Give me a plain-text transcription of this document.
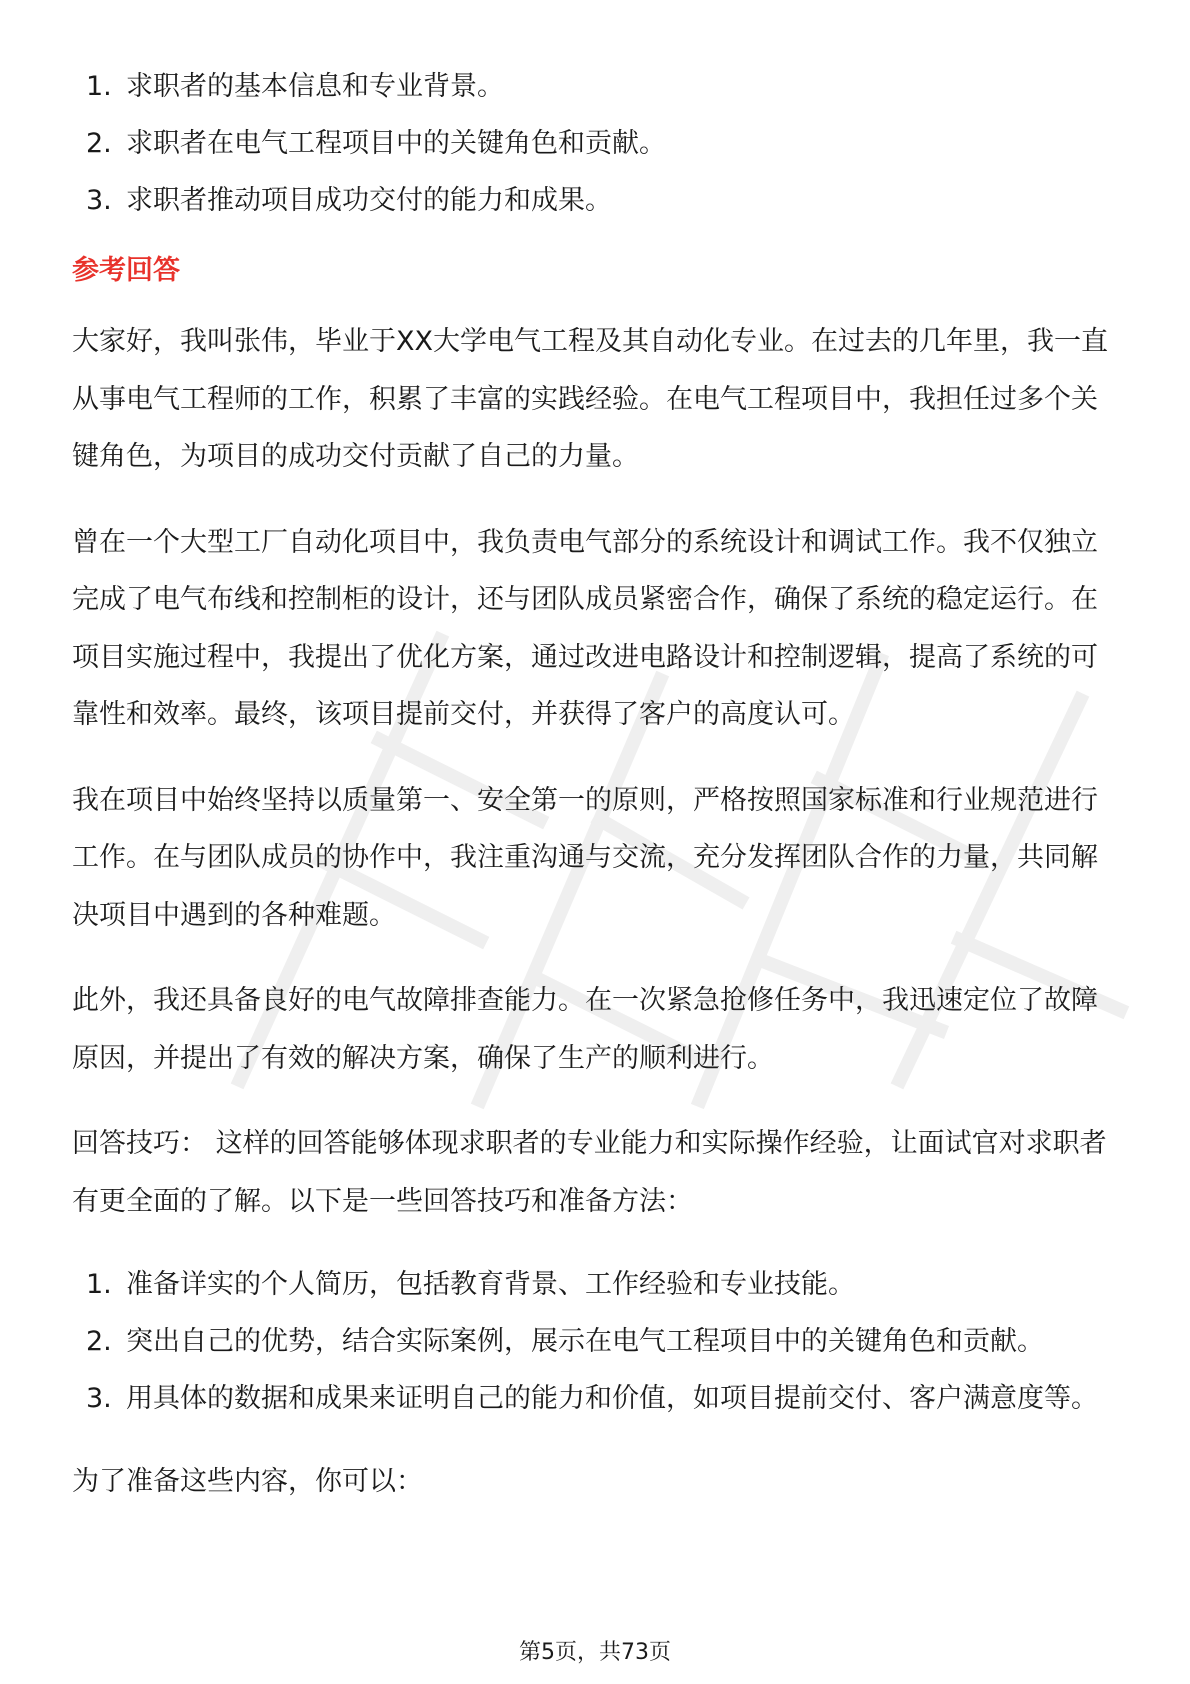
1. 求职者的基本信息和专业背景。
2. 求职者在电气工程项目中的关键角色和贡献。
3. 求职者推动项目成功交付的能力和成果。
参考回答

大家好，我叫张伟，毕业于XX大学电气工程及其自动化专业。在过去的几年里，我一直从事电气工程师的工作，积累了丰富的实践经验。在电气工程项目中，我担任过多个关键角色，为项目的成功交付贡献了自己的力量。

曾在一个大型工厂自动化项目中，我负责电气部分的系统设计和调试工作。我不仅独立完成了电气布线和控制柜的设计，还与团队成员紧密合作，确保了系统的稳定运行。在项目实施过程中，我提出了优化方案，通过改进电路设计和控制逻辑，提高了系统的可靠性和效率。最终，该项目提前交付，并获得了客户的高度认可。

我在项目中始终坚持以质量第一、安全第一的原则，严格按照国家标准和行业规范进行工作。在与团队成员的协作中，我注重沟通与交流，充分发挥团队合作的力量，共同解决项目中遇到的各种难题。

此外，我还具备良好的电气故障排查能力。在一次紧急抢修任务中，我迅速定位了故障原因，并提出了有效的解决方案，确保了生产的顺利进行。

回答技巧： 这样的回答能够体现求职者的专业能力和实际操作经验，让面试官对求职者有更全面的了解。以下是一些回答技巧和准备方法：

1. 准备详实的个人简历，包括教育背景、工作经验和专业技能。
2. 突出自己的优势，结合实际案例，展示在电气工程项目中的关键角色和贡献。
3. 用具体的数据和成果来证明自己的能力和价值，如项目提前交付、客户满意度等。

为了准备这些内容，你可以：

第5页，共73页
